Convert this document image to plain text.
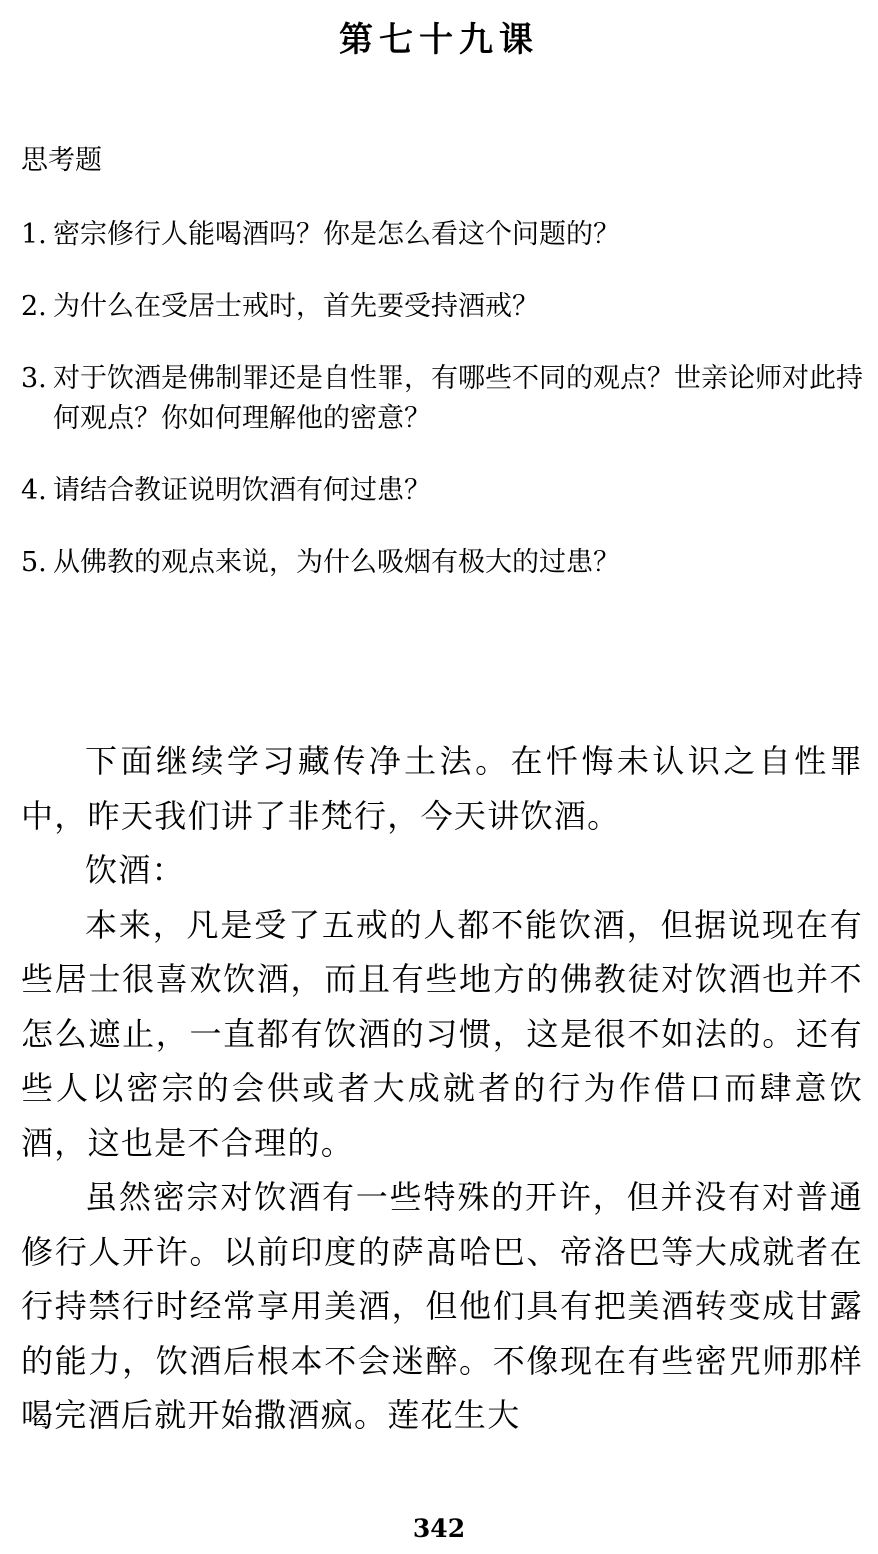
第七十九课
思考题
1. 密宗修行人能喝酒吗？你是怎么看这个问题的？
2. 为什么在受居士戒时，首先要受持酒戒？
3. 对于饮酒是佛制罪还是自性罪，有哪些不同的观点？世亲论师对此持何观点？你如何理解他的密意？
4. 请结合教证说明饮酒有何过患？
5. 从佛教的观点来说，为什么吸烟有极大的过患？

下面继续学习藏传净土法。在忏悔未认识之自性罪中，昨天我们讲了非梵行，今天讲饮酒。

饮酒：

本来，凡是受了五戒的人都不能饮酒，但据说现在有些居士很喜欢饮酒，而且有些地方的佛教徒对饮酒也并不怎么遮止，一直都有饮酒的习惯，这是很不如法的。还有些人以密宗的会供或者大成就者的行为作借口而肆意饮酒，这也是不合理的。

虽然密宗对饮酒有一些特殊的开许，但并没有对普通修行人开许。以前印度的萨髙哈巴、帝洛巴等大成就者在行持禁行时经常享用美酒，但他们具有把美酒转变成甘露的能力，饮酒后根本不会迷醉。不像现在有些密咒师那样喝完酒后就开始撒酒疯。莲花生大

342
